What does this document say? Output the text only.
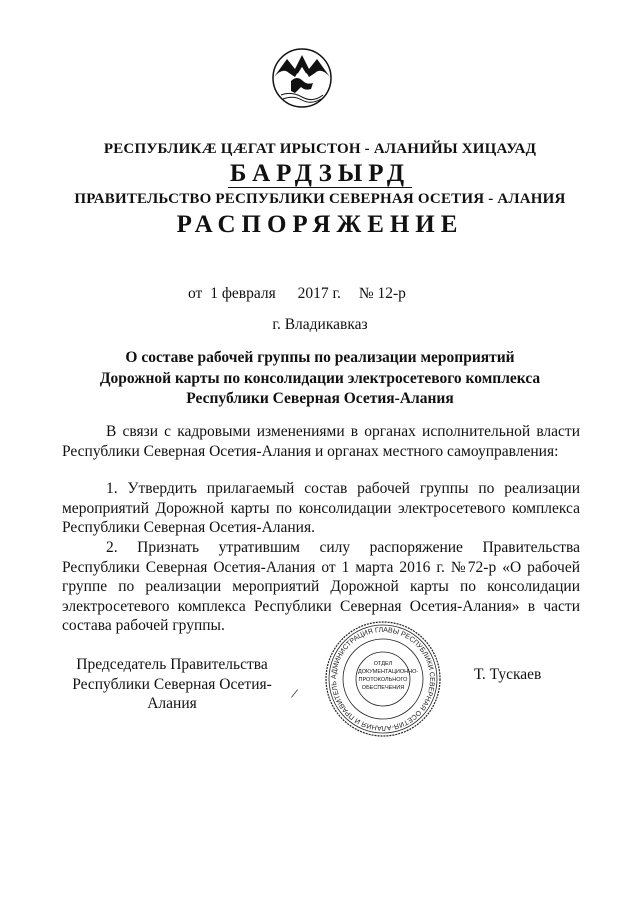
РЕСПУБЛИКÆ ЦÆГАТ ИРЫСТОН - АЛАНИЙЫ ХИЦАУАД
БАРДЗЫРД
ПРАВИТЕЛЬСТВО РЕСПУБЛИКИ СЕВЕРНАЯ ОСЕТИЯ - АЛАНИЯ
РАСПОРЯЖЕНИЕ
от 1 февраля 2017 г. № 12-р
г. Владикавказ
О составе рабочей группы по реализации мероприятий
Дорожной карты по консолидации электросетевого комплекса
Республики Северная Осетия-Алания
В связи с кадровыми изменениями в органах исполнительной власти Республики Северная Осетия-Алания и органах местного самоуправления:
1. Утвердить прилагаемый состав рабочей группы по реализации мероприятий Дорожной карты по консолидации электросетевого комплекса Республики Северная Осетия-Алания.
2. Признать утратившим силу распоряжение Правительства Республики Северная Осетия-Алания от 1 марта 2016 г. №72-р «О рабочей группе по реализации мероприятий Дорожной карты по консолидации электросетевого комплекса Республики Северная Осетия-Алания» в части состава рабочей группы.
Председатель Правительства
Республики Северная Осетия-Алания
Т. Тускаев
/
АДМИНИСТРАЦИЯ ГЛАВЫ РЕСПУБЛИКИ СЕВЕРНАЯ ОСЕТИЯ-АЛАНИЯ И ПРАВИТЕЛЬ
ОТДЕЛ ДОКУМЕНТАЦИОННО-ПРОТОКОЛЬНОГО ОБЕСПЕЧЕНИЯ
